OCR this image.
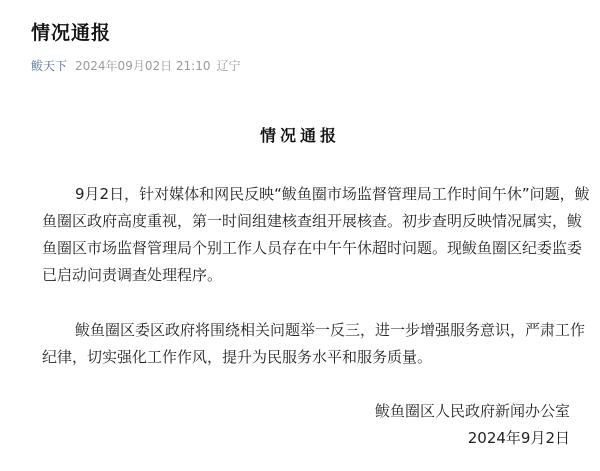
情况通报
鲅天下 2024年09月02日 21:10 辽宁
情况通报
9月2日，针对媒体和网民反映“鲅鱼圈市场监督管理局工作时间午休”问题，鲅
鱼圈区政府高度重视，第一时间组建核查组开展核查。初步查明反映情况属实，鲅
鱼圈区市场监督管理局个别工作人员存在中午午休超时问题。现鲅鱼圈区纪委监委
已启动问责调查处理程序。
鲅鱼圈区委区政府将围绕相关问题举一反三，进一步增强服务意识，严肃工作
纪律，切实强化工作作风，提升为民服务水平和服务质量。
鲅鱼圈区人民政府新闻办公室
2024年9月2日
